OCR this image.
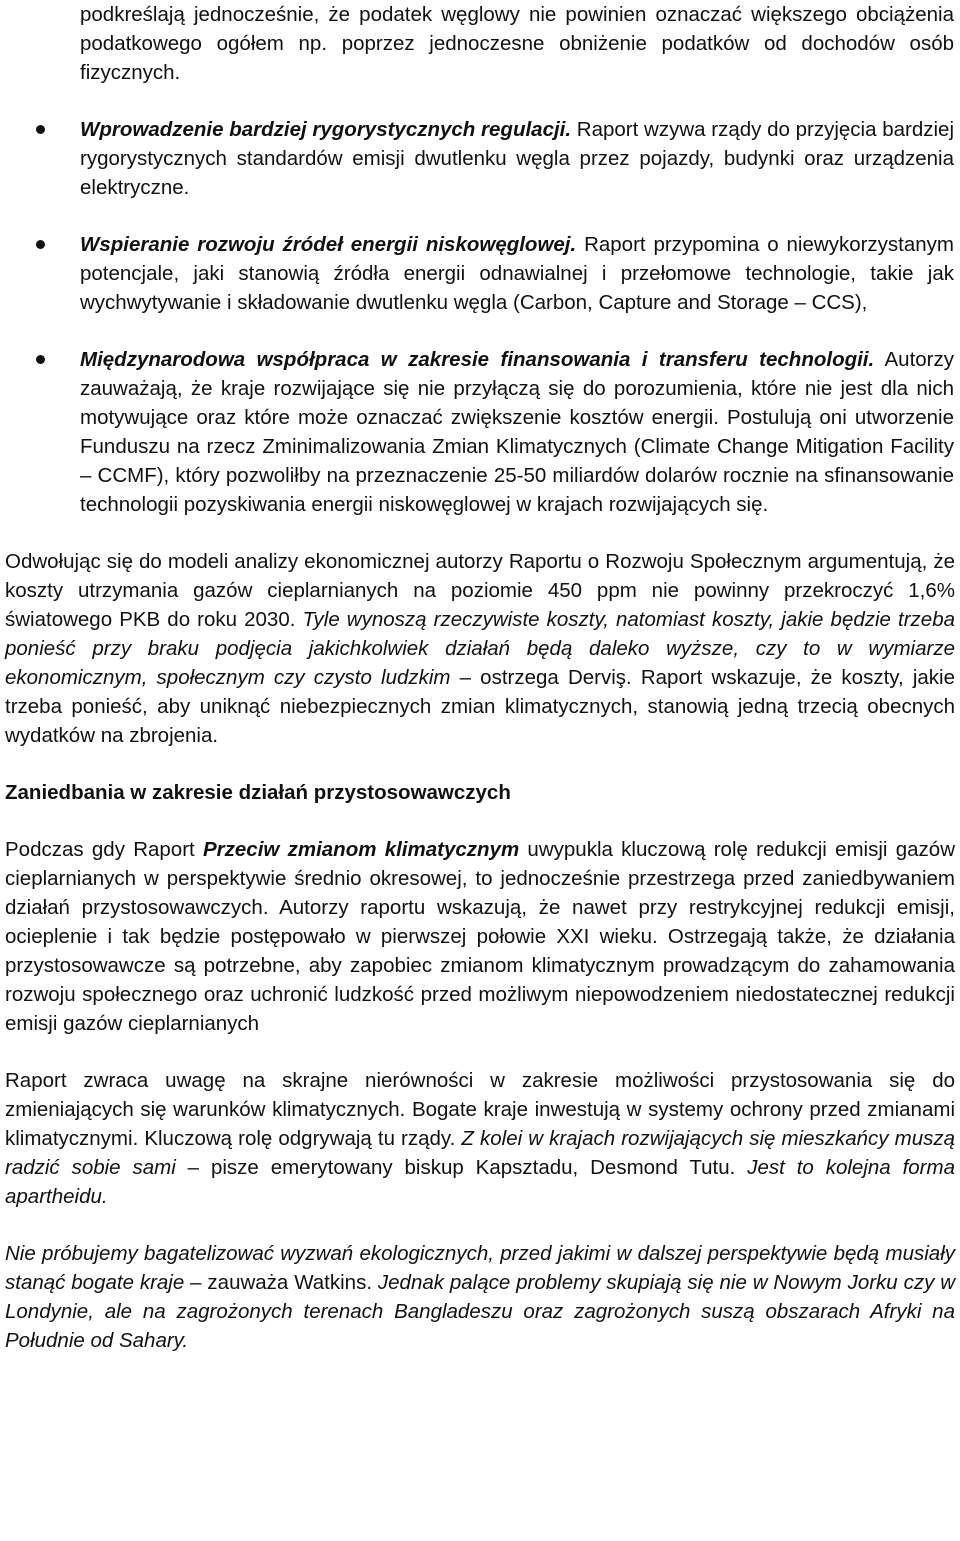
podkreślają jednocześnie, że podatek węglowy nie powinien oznaczać większego obciążenia podatkowego ogółem np. poprzez jednoczesne obniżenie podatków od dochodów osób fizycznych.
Wprowadzenie bardziej rygorystycznych regulacji. Raport wzywa rządy do przyjęcia bardziej rygorystycznych standardów emisji dwutlenku węgla przez pojazdy, budynki oraz urządzenia elektryczne.
Wspieranie rozwoju źródeł energii niskowęglowej. Raport przypomina o niewykorzystanym potencjale, jaki stanowią źródła energii odnawialnej i przełomowe technologie, takie jak wychwytywanie i składowanie dwutlenku węgla (Carbon, Capture and Storage – CCS),
Międzynarodowa współpraca w zakresie finansowania i transferu technologii. Autorzy zauważają, że kraje rozwijające się nie przyłączą się do porozumienia, które nie jest dla nich motywujące oraz które może oznaczać zwiększenie kosztów energii. Postulują oni utworzenie Funduszu na rzecz Zminimalizowania Zmian Klimatycznych (Climate Change Mitigation Facility – CCMF), który pozwoliłby na przeznaczenie 25-50 miliardów dolarów rocznie na sfinansowanie technologii pozyskiwania energii niskowęglowej w krajach rozwijających się.

Odwołując się do modeli analizy ekonomicznej autorzy Raportu o Rozwoju Społecznym argumentują, że koszty utrzymania gazów cieplarnianych na poziomie 450 ppm nie powinny przekroczyć 1,6% światowego PKB do roku 2030. Tyle wynoszą rzeczywiste koszty, natomiast koszty, jakie będzie trzeba ponieść przy braku podjęcia jakichkolwiek działań będą daleko wyższe, czy to w wymiarze ekonomicznym, społecznym czy czysto ludzkim – ostrzega Derviş. Raport wskazuje, że koszty, jakie trzeba ponieść, aby uniknąć niebezpiecznych zmian klimatycznych, stanowią jedną trzecią obecnych wydatków na zbrojenia.

Zaniedbania w zakresie działań przystosowawczych

Podczas gdy Raport Przeciw zmianom klimatycznym uwypukla kluczową rolę redukcji emisji gazów cieplarnianych w perspektywie średnio okresowej, to jednocześnie przestrzega przed zaniedbywaniem działań przystosowawczych. Autorzy raportu wskazują, że nawet przy restrykcyjnej redukcji emisji, ocieplenie i tak będzie postępowało w pierwszej połowie XXI wieku. Ostrzegają także, że działania przystosowawcze są potrzebne, aby zapobiec zmianom klimatycznym prowadzącym do zahamowania rozwoju społecznego oraz uchronić ludzkość przed możliwym niepowodzeniem niedostatecznej redukcji emisji gazów cieplarnianych

Raport zwraca uwagę na skrajne nierówności w zakresie możliwości przystosowania się do zmieniających się warunków klimatycznych. Bogate kraje inwestują w systemy ochrony przed zmianami klimatycznymi. Kluczową rolę odgrywają tu rządy. Z kolei w krajach rozwijających się mieszkańcy muszą radzić sobie sami – pisze emerytowany biskup Kapsztadu, Desmond Tutu. Jest to kolejna forma apartheidu.

Nie próbujemy bagatelizować wyzwań ekologicznych, przed jakimi w dalszej perspektywie będą musiały stanąć bogate kraje – zauważa Watkins. Jednak palące problemy skupiają się nie w Nowym Jorku czy w Londynie, ale na zagrożonych terenach Bangladeszu oraz zagrożonych suszą obszarach Afryki na Południe od Sahary.
